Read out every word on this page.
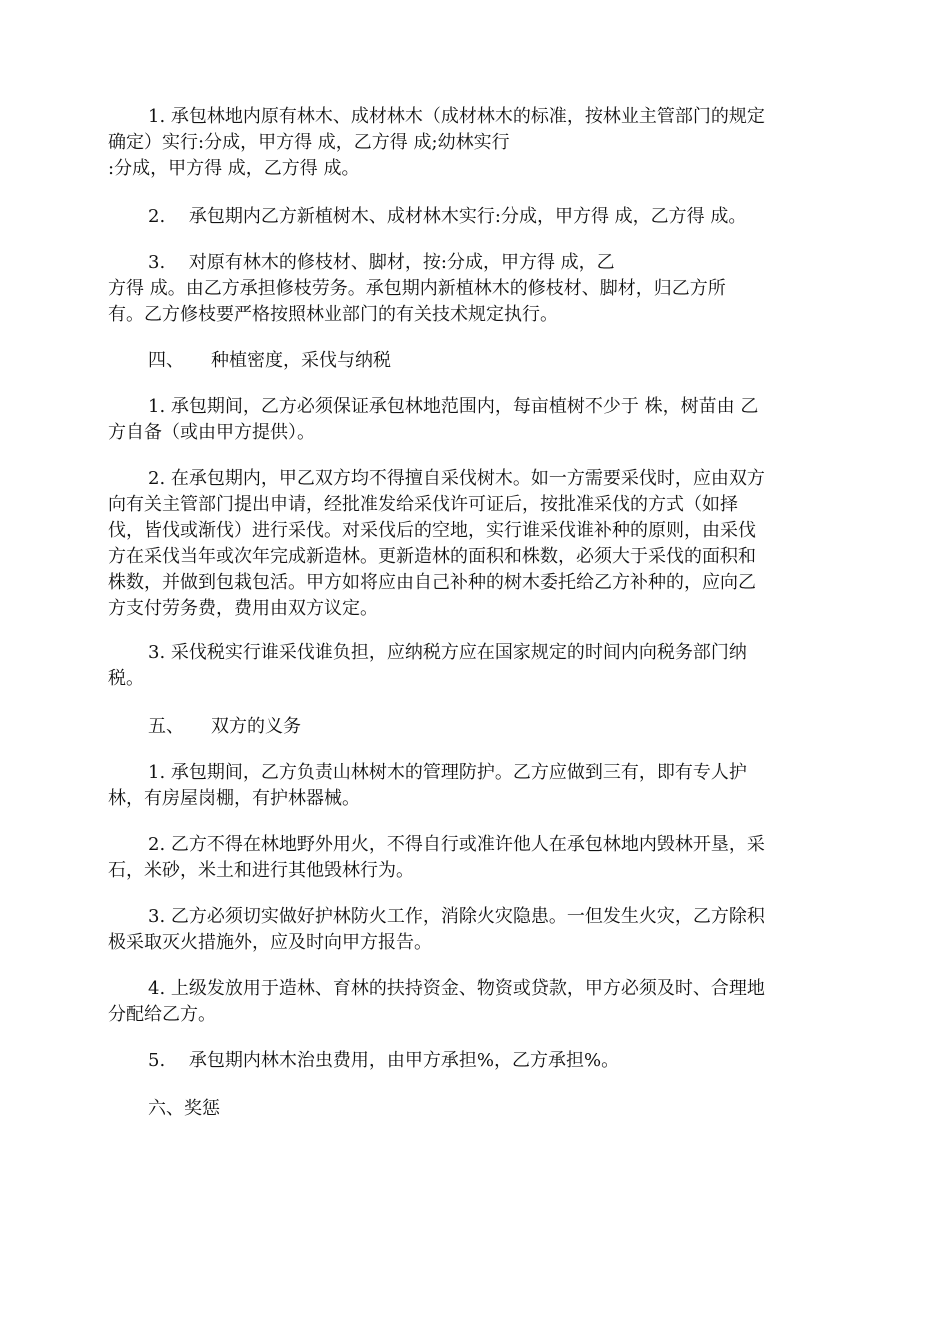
1. 承包林地内原有林木、成材林木（成材林木的标准，按林业主管部门的规定
确定）实行:分成，甲方得 成，乙方得 成;幼林实行
:分成，甲方得 成，乙方得 成。
2.　 承包期内乙方新植树木、成材林木实行:分成，甲方得 成，乙方得 成。
3.　 对原有林木的修枝材、脚材，按:分成，甲方得 成，乙
方得 成。由乙方承担修枝劳务。承包期内新植林木的修枝材、脚材，归乙方所
有。乙方修枝要严格按照林业部门的有关技术规定执行。
四、　　种植密度，采伐与纳税
1. 承包期间，乙方必须保证承包林地范围内，每亩植树不少于 株，树苗由 乙
方自备（或由甲方提供）。
2. 在承包期内，甲乙双方均不得擅自采伐树木。如一方需要采伐时，应由双方
向有关主管部门提出申请，经批准发给采伐许可证后，按批准采伐的方式（如择
伐，皆伐或渐伐）进行采伐。对采伐后的空地，实行谁采伐谁补种的原则，由采伐
方在采伐当年或次年完成新造林。更新造林的面积和株数，必须大于采伐的面积和
株数，并做到包栽包活。甲方如将应由自己补种的树木委托给乙方补种的，应向乙
方支付劳务费，费用由双方议定。
3. 采伐税实行谁采伐谁负担，应纳税方应在国家规定的时间内向税务部门纳
税。
五、　　双方的义务
1. 承包期间，乙方负责山林树木的管理防护。乙方应做到三有，即有专人护
林，有房屋岗棚，有护林器械。
2. 乙方不得在林地野外用火，不得自行或准许他人在承包林地内毁林开垦，采
石，米砂，米土和进行其他毁林行为。
3. 乙方必须切实做好护林防火工作，消除火灾隐患。一但发生火灾，乙方除积
极采取灭火措施外，应及时向甲方报告。
4. 上级发放用于造林、育林的扶持资金、物资或贷款，甲方必须及时、合理地
分配给乙方。
5.　 承包期内林木治虫费用，由甲方承担%，乙方承担%。
六、奖惩
